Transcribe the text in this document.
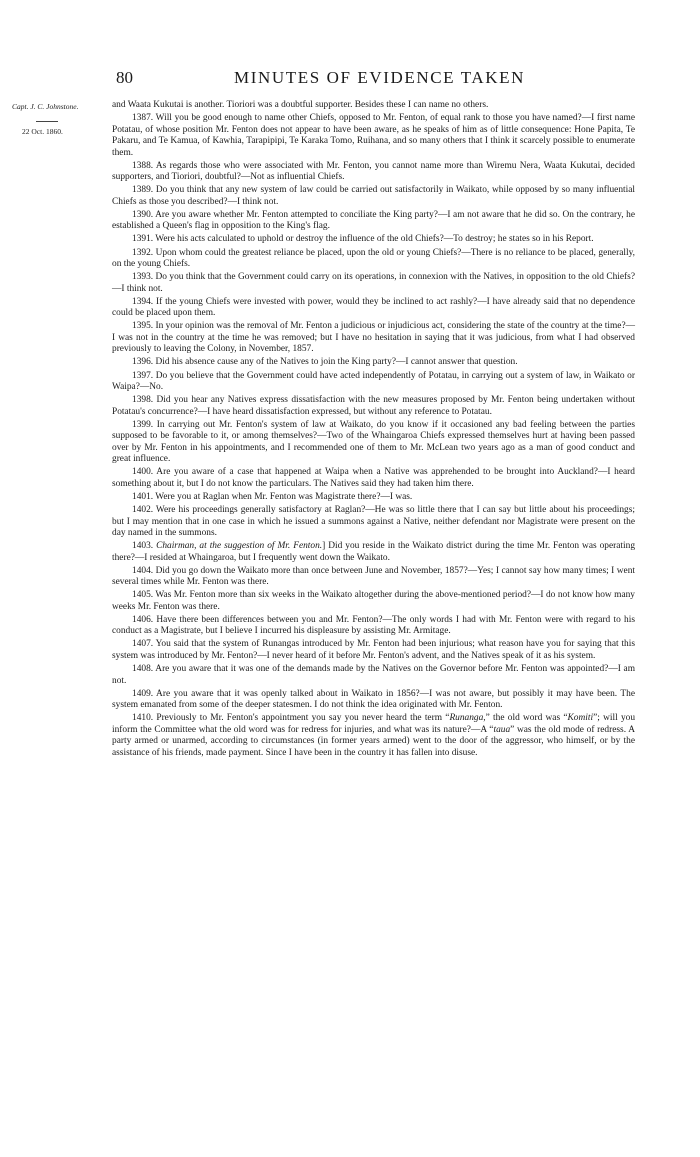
80	MINUTES OF EVIDENCE TAKEN
Capt. J. C. Johnstone.
22 Oct. 1860.

and Waata Kukutai is another. Tioriori was a doubtful supporter. Besides these I can name no others.

1387. Will you be good enough to name other Chiefs, opposed to Mr. Fenton, of equal rank to those you have named?—I first name Potatau, of whose position Mr. Fenton does not appear to have been aware, as he speaks of him as of little consequence: Hone Papita, Te Pakaru, and Te Kamua, of Kawhia, Tarapipipi, Te Karaka Tomo, Ruihana, and so many others that I think it scarcely possible to enumerate them.

1388. As regards those who were associated with Mr. Fenton, you cannot name more than Wiremu Nera, Waata Kukutai, decided supporters, and Tioriori, doubtful?—Not as influential Chiefs.

1389. Do you think that any new system of law could be carried out satisfactorily in Waikato, while opposed by so many influential Chiefs as those you described?—I think not.

1390. Are you aware whether Mr. Fenton attempted to conciliate the King party?—I am not aware that he did so. On the contrary, he established a Queen's flag in opposition to the King's flag.

1391. Were his acts calculated to uphold or destroy the influence of the old Chiefs?—To destroy; he states so in his Report.

1392. Upon whom could the greatest reliance be placed, upon the old or young Chiefs?—There is no reliance to be placed, generally, on the young Chiefs.

1393. Do you think that the Government could carry on its operations, in connexion with the Natives, in opposition to the old Chiefs?—I think not.

1394. If the young Chiefs were invested with power, would they be inclined to act rashly?—I have already said that no dependence could be placed upon them.

1395. In your opinion was the removal of Mr. Fenton a judicious or injudicious act, considering the state of the country at the time?—I was not in the country at the time he was removed; but I have no hesitation in saying that it was judicious, from what I had observed previously to leaving the Colony, in November, 1857.

1396. Did his absence cause any of the Natives to join the King party?—I cannot answer that question.

1397. Do you believe that the Government could have acted independently of Potatau, in carrying out a system of law, in Waikato or Waipa?—No.

1398. Did you hear any Natives express dissatisfaction with the new measures proposed by Mr. Fenton being undertaken without Potatau's concurrence?—I have heard dissatisfaction expressed, but without any reference to Potatau.

1399. In carrying out Mr. Fenton's system of law at Waikato, do you know if it occasioned any bad feeling between the parties supposed to be favorable to it, or among themselves?—Two of the Whaingaroa Chiefs expressed themselves hurt at having been passed over by Mr. Fenton in his appointments, and I recommended one of them to Mr. McLean two years ago as a man of good conduct and great influence.

1400. Are you aware of a case that happened at Waipa when a Native was apprehended to be brought into Auckland?—I heard something about it, but I do not know the particulars. The Natives said they had taken him there.

1401. Were you at Raglan when Mr. Fenton was Magistrate there?—I was.

1402. Were his proceedings generally satisfactory at Raglan?—He was so little there that I can say but little about his proceedings; but I may mention that in one case in which he issued a summons against a Native, neither defendant nor Magistrate were present on the day named in the summons.

1403. Chairman, at the suggestion of Mr. Fenton.] Did you reside in the Waikato district during the time Mr. Fenton was operating there?—I resided at Whaingaroa, but I frequently went down the Waikato.

1404. Did you go down the Waikato more than once between June and November, 1857?—Yes; I cannot say how many times; I went several times while Mr. Fenton was there.

1405. Was Mr. Fenton more than six weeks in the Waikato altogether during the above-mentioned period?—I do not know how many weeks Mr. Fenton was there.

1406. Have there been differences between you and Mr. Fenton?—The only words I had with Mr. Fenton were with regard to his conduct as a Magistrate, but I believe I incurred his displeasure by assisting Mr. Armitage.

1407. You said that the system of Runangas introduced by Mr. Fenton had been injurious; what reason have you for saying that this system was introduced by Mr. Fenton?—I never heard of it before Mr. Fenton's advent, and the Natives speak of it as his system.

1408. Are you aware that it was one of the demands made by the Natives on the Governor before Mr. Fenton was appointed?—I am not.

1409. Are you aware that it was openly talked about in Waikato in 1856?—I was not aware, but possibly it may have been. The system emanated from some of the deeper statesmen. I do not think the idea originated with Mr. Fenton.

1410. Previously to Mr. Fenton's appointment you say you never heard the term “Runanga,” the old word was “Komiti”; will you inform the Committee what the old word was for redress for injuries, and what was its nature?—A “taua” was the old mode of redress. A party armed or unarmed, according to circumstances (in former years armed) went to the door of the aggressor, who himself, or by the assistance of his friends, made payment. Since I have been in the country it has fallen into disuse.
